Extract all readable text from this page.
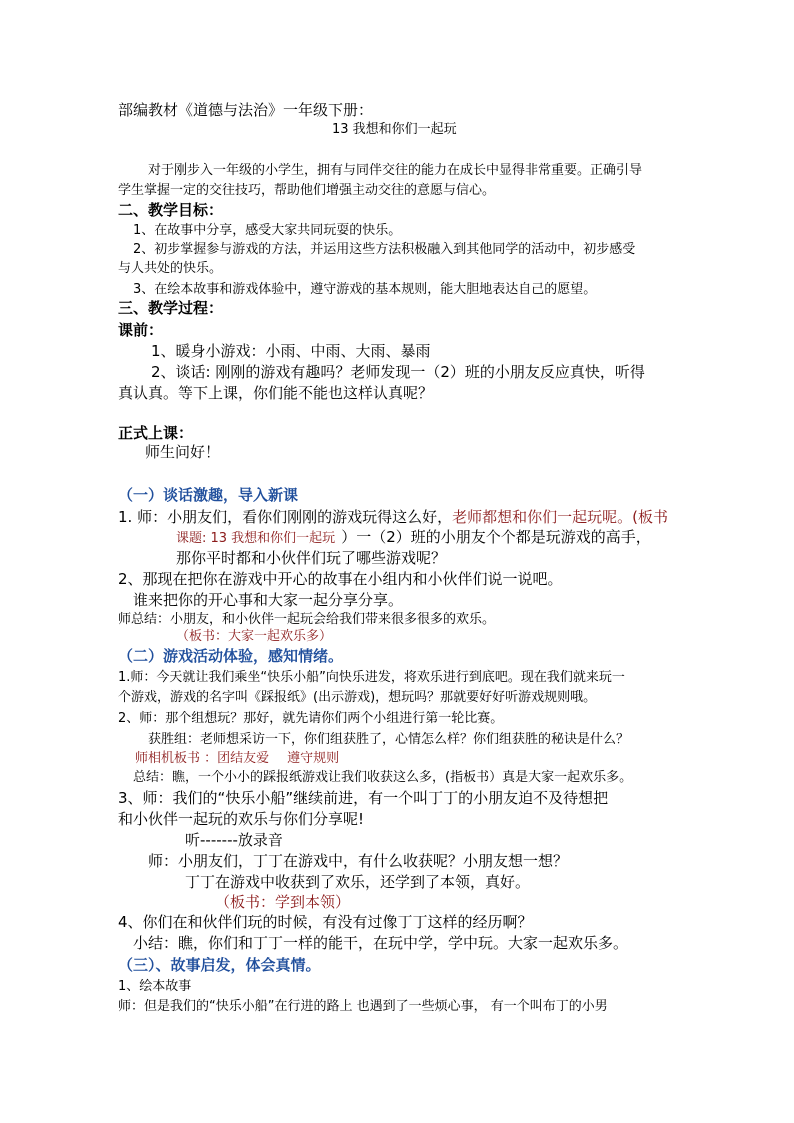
部编教材《道德与法治》一年级下册：
13 我想和你们一起玩
对于刚步入一年级的小学生，拥有与同伴交往的能力在成长中显得非常重要。正确引导
学生掌握一定的交往技巧，帮助他们增强主动交往的意愿与信心。
二、教学目标：
1、在故事中分享，感受大家共同玩耍的快乐。
2、初步掌握参与游戏的方法，并运用这些方法积极融入到其他同学的活动中，初步感受
与人共处的快乐。
3、在绘本故事和游戏体验中，遵守游戏的基本规则，能大胆地表达自己的愿望。
三、教学过程：
课前：
1、暖身小游戏：小雨、中雨、大雨、暴雨
2、谈话: 刚刚的游戏有趣吗？老师发现一（2）班的小朋友反应真快，听得
真认真。等下上课，你们能不能也这样认真呢？
正式上课：
师生问好！
（一）谈话激趣，导入新课
1. 师：小朋友们，看你们刚刚的游戏玩得这么好，老师都想和你们一起玩呢。(板书
课题: 13 我想和你们一起玩 ）一（2）班的小朋友个个都是玩游戏的高手，
那你平时都和小伙伴们玩了哪些游戏呢？
2、那现在把你在游戏中开心的故事在小组内和小伙伴们说一说吧。
谁来把你的开心事和大家一起分享分享。
师总结：小朋友，和小伙伴一起玩会给我们带来很多很多的欢乐。
（板书：大家一起欢乐多）
（二）游戏活动体验，感知情绪。
1.师：今天就让我们乘坐“快乐小船”向快乐进发，将欢乐进行到底吧。现在我们就来玩一
个游戏，游戏的名字叫《踩报纸》(出示游戏)，想玩吗？那就要好好听游戏规则哦。
2、师：那个组想玩？那好，就先请你们两个小组进行第一轮比赛。
获胜组：老师想采访一下，你们组获胜了，心情怎么样？你们组获胜的秘诀是什么？
师相机板书 ：团结友爱 遵守规则
总结：瞧，一个小小的踩报纸游戏让我们收获这么多，(指板书）真是大家一起欢乐多。
3、师：我们的“快乐小船”继续前进，有一个叫丁丁的小朋友迫不及待想把
和小伙伴一起玩的欢乐与你们分享呢!
听-------放录音
师：小朋友们，丁丁在游戏中，有什么收获呢？小朋友想一想？
丁丁在游戏中收获到了欢乐，还学到了本领，真好。
（板书：学到本领）
4、你们在和伙伴们玩的时候，有没有过像丁丁这样的经历啊？
小结：瞧，你们和丁丁一样的能干，在玩中学，学中玩。大家一起欢乐多。
（三）、故事启发，体会真情。
1、绘本故事
师：但是我们的“快乐小船”在行进的路上 也遇到了一些烦心事， 有一个叫布丁的小男
